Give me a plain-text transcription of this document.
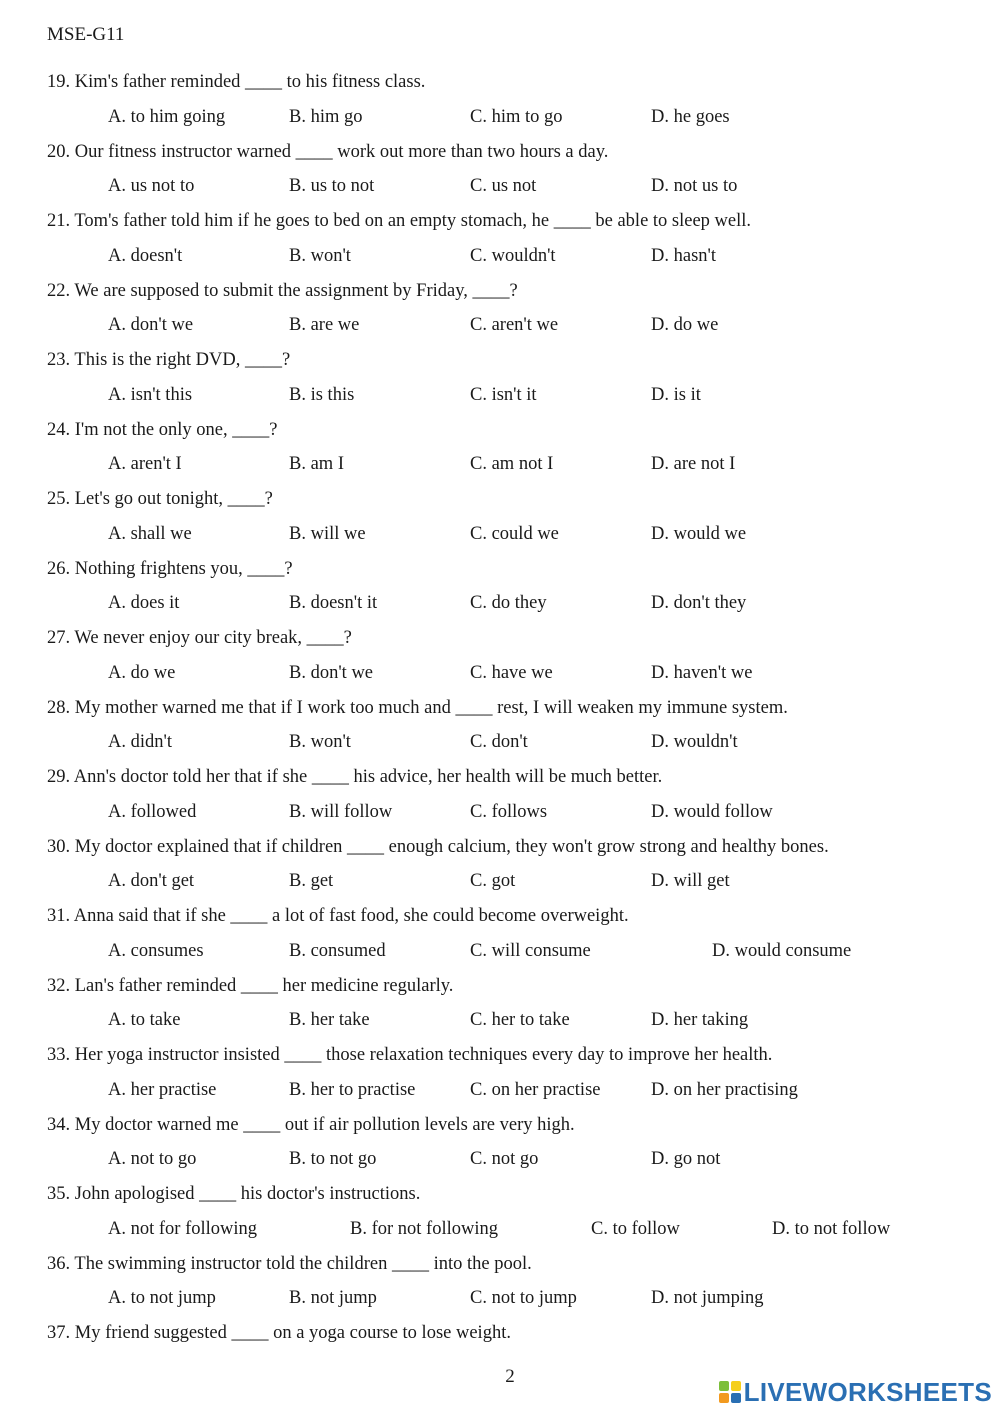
MSE-G11
19. Kim's father reminded ____ to his fitness class.
A. to him going	B. him go	C. him to go	D. he goes
20. Our fitness instructor warned ____ work out more than two hours a day.
A. us not to	B. us to not	C. us not	D. not us to
21. Tom's father told him if he goes to bed on an empty stomach, he ____ be able to sleep well.
A. doesn't	B. won't	C. wouldn't	D. hasn't
22. We are supposed to submit the assignment by Friday, ____?
A. don't we	B. are we	C. aren't we	D. do we
23. This is the right DVD, ____?
A. isn't this	B. is this	C. isn't it	D. is it
24. I'm not the only one, ____?
A. aren't I	B. am I	C. am not I	D. are not I
25. Let's go out tonight, ____?
A. shall we	B. will we	C. could we	D. would we
26. Nothing frightens you, ____?
A. does it	B. doesn't it	C. do they	D. don't they
27. We never enjoy our city break, ____?
A. do we	B. don't we	C. have we	D. haven't we
28. My mother warned me that if I work too much and ____ rest, I will weaken my immune system.
A. didn't	B. won't	C. don't	D. wouldn't
29. Ann's doctor told her that if she ____ his advice, her health will be much better.
A. followed	B. will follow	C. follows	D. would follow
30. My doctor explained that if children ____ enough calcium, they won't grow strong and healthy bones.
A. don't get	B. get	C. got	D. will get
31. Anna said that if she ____ a lot of fast food, she could become overweight.
A. consumes	B. consumed	C. will consume	D. would consume
32. Lan's father reminded ____ her medicine regularly.
A. to take	B. her take	C. her to take	D. her taking
33. Her yoga instructor insisted ____ those relaxation techniques every day to improve her health.
A. her practise	B. her to practise	C. on her practise	D. on her practising
34. My doctor warned me ____ out if air pollution levels are very high.
A. not to go	B. to not go	C. not go	D. go not
35. John apologised ____ his doctor's instructions.
A. not for following	B. for not following	C. to follow	D. to not follow
36. The swimming instructor told the children ____ into the pool.
A. to not jump	B. not jump	C. not to jump	D. not jumping
37. My friend suggested ____ on a yoga course to lose weight.
2
LIVEWORKSHEETS
